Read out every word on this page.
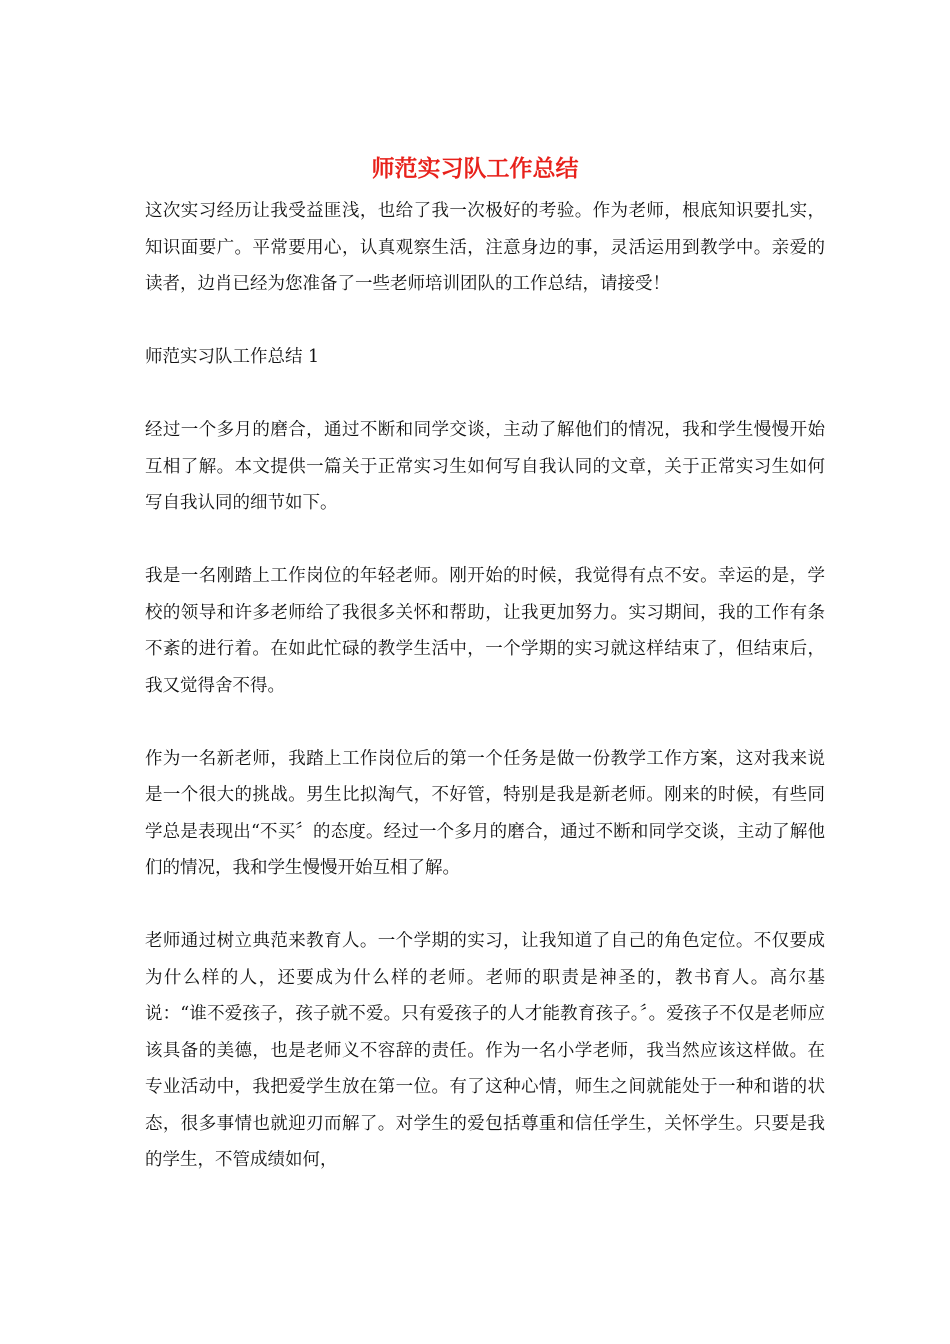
师范实习队工作总结

这次实习经历让我受益匪浅，也给了我一次极好的考验。作为老师，根底知识要扎实，知识面要广。平常要用心，认真观察生活，注意身边的事，灵活运用到教学中。亲爱的读者，边肖已经为您准备了一些老师培训团队的工作总结，请接受！

师范实习队工作总结 1

经过一个多月的磨合，通过不断和同学交谈，主动了解他们的情况，我和学生慢慢开始互相了解。本文提供一篇关于正常实习生如何写自我认同的文章，关于正常实习生如何写自我认同的细节如下。

我是一名刚踏上工作岗位的年轻老师。刚开始的时候，我觉得有点不安。幸运的是，学校的领导和许多老师给了我很多关怀和帮助，让我更加努力。实习期间，我的工作有条不紊的进行着。在如此忙碌的教学生活中，一个学期的实习就这样结束了，但结束后，我又觉得舍不得。

作为一名新老师，我踏上工作岗位后的第一个任务是做一份教学工作方案，这对我来说是一个很大的挑战。男生比拟淘气，不好管，特别是我是新老师。刚来的时候，有些同学总是表现出“不买〞的态度。经过一个多月的磨合，通过不断和同学交谈，主动了解他们的情况，我和学生慢慢开始互相了解。

老师通过树立典范来教育人。一个学期的实习，让我知道了自己的角色定位。不仅要成为什么样的人，还要成为什么样的老师。老师的职责是神圣的，教书育人。高尔基说：“谁不爱孩子，孩子就不爱。只有爱孩子的人才能教育孩子。〞。爱孩子不仅是老师应该具备的美德，也是老师义不容辞的责任。作为一名小学老师，我当然应该这样做。在专业活动中，我把爱学生放在第一位。有了这种心情，师生之间就能处于一种和谐的状态，很多事情也就迎刃而解了。对学生的爱包括尊重和信任学生，关怀学生。只要是我的学生，不管成绩如何，
